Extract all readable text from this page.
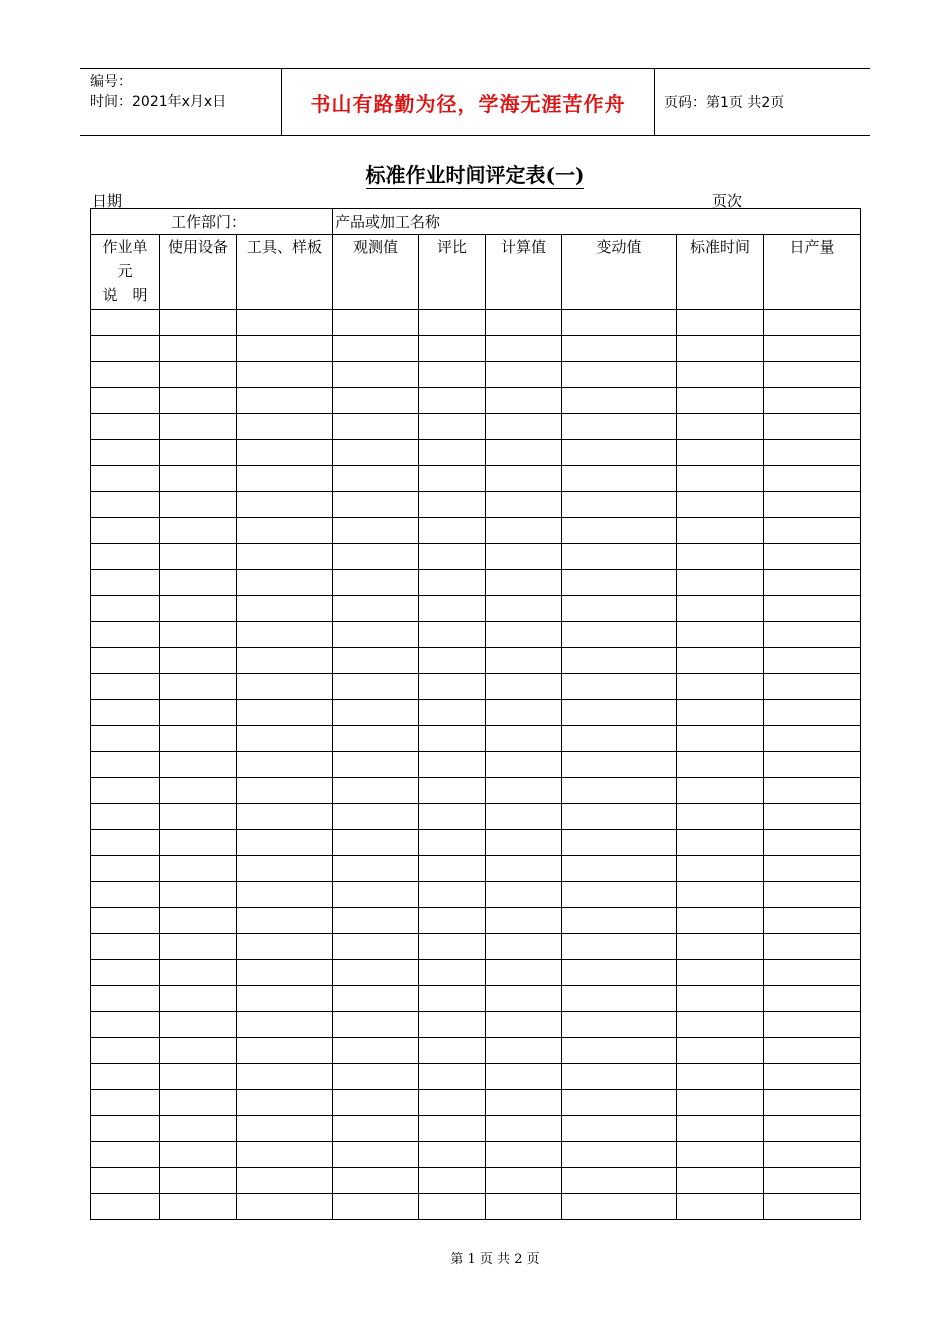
编号：
时间：2021年x月x日	书山有路勤为径，学海无涯苦作舟	页码：第1页 共2页
标准作业时间评定表(一)
日期	页次
工作部门：			产品或加工名称					

作业单
元
说　明	使用设备	工具、样板	观测值	评比	计算值	变动值	标准时间	日产量

第 1 页 共 2 页
